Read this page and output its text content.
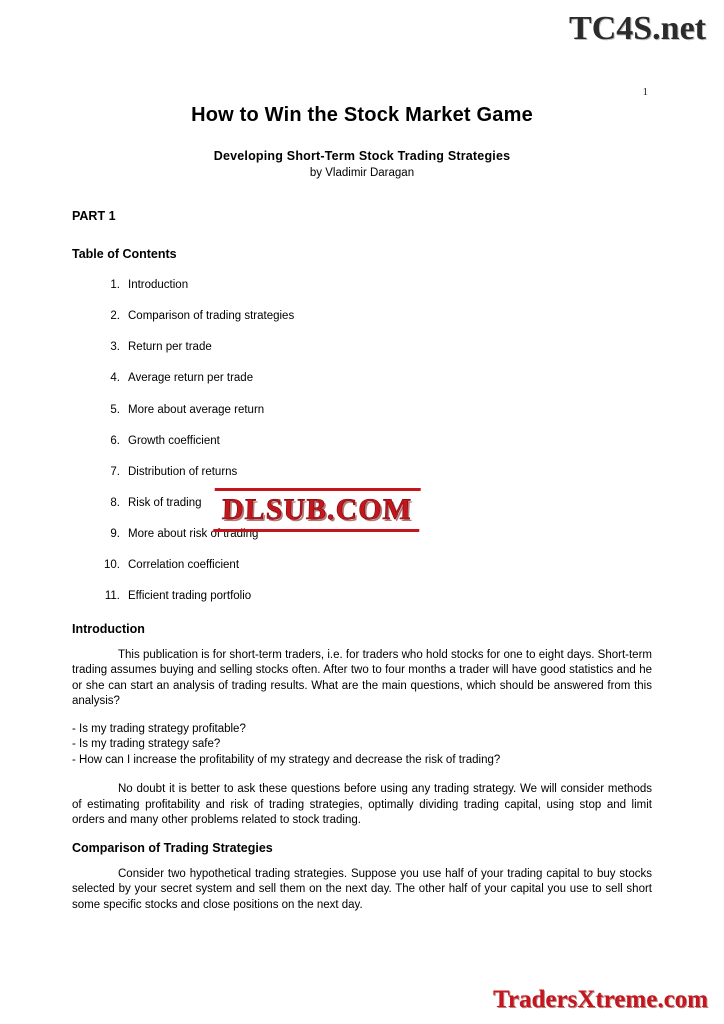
TC4S.net
1
How to Win the Stock Market Game
Developing Short-Term Stock Trading Strategies
by Vladimir Daragan
PART 1
Table of Contents
1. Introduction
2. Comparison of trading strategies
3. Return per trade
4. Average return per trade
5. More about average return
6. Growth coefficient
7. Distribution of returns
8. Risk of trading
9. More about risk of trading
10. Correlation coefficient
11. Efficient trading portfolio
Introduction

This publication is for short-term traders, i.e. for traders who hold stocks for one to eight days. Short-term trading assumes buying and selling stocks often. After two to four months a trader will have good statistics and he or she can start an analysis of trading results. What are the main questions, which should be answered from this analysis?

- Is my trading strategy profitable?
- Is my trading strategy safe?
- How can I increase the profitability of my strategy and decrease the risk of trading?

No doubt it is better to ask these questions before using any trading strategy. We will consider methods of estimating profitability and risk of trading strategies, optimally dividing trading capital, using stop and limit orders and many other problems related to stock trading.

Comparison of Trading Strategies

Consider two hypothetical trading strategies. Suppose you use half of your trading capital to buy stocks selected by your secret system and sell them on the next day. The other half of your capital you use to sell short some specific stocks and close positions on the next day.

DLSUB.COM
TradersXtreme.com
